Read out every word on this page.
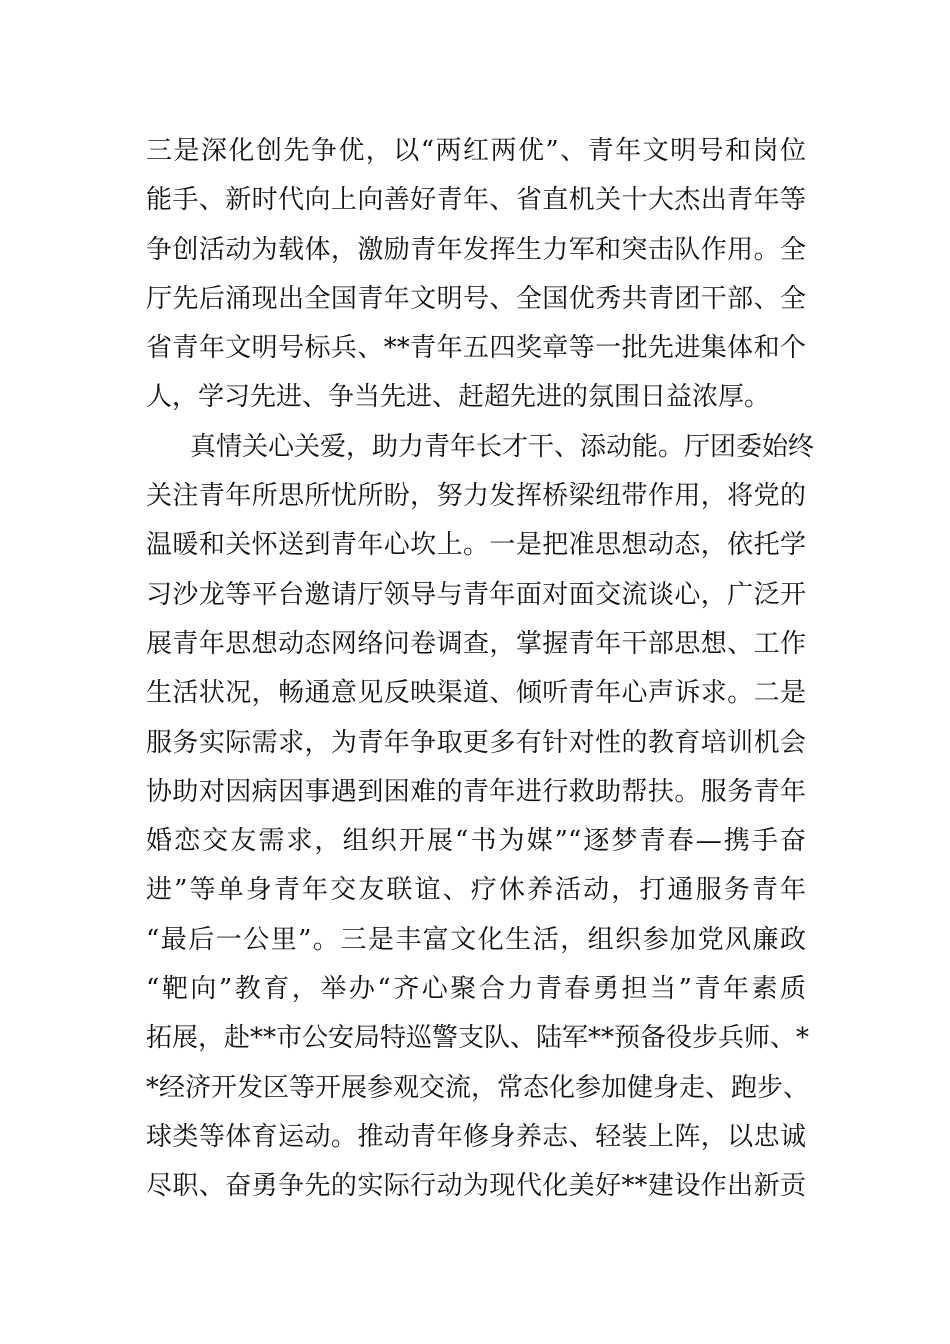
三是深化创先争优，以“两红两优”、青年文明号和岗位
能手、新时代向上向善好青年、省直机关十大杰出青年等
争创活动为载体，激励青年发挥生力军和突击队作用。全
厅先后涌现出全国青年文明号、全国优秀共青团干部、全
省青年文明号标兵、**青年五四奖章等一批先进集体和个
人，学习先进、争当先进、赶超先进的氛围日益浓厚。
真情关心关爱，助力青年长才干、添动能。厅团委始终
关注青年所思所忧所盼，努力发挥桥梁纽带作用，将党的
温暖和关怀送到青年心坎上。一是把准思想动态，依托学
习沙龙等平台邀请厅领导与青年面对面交流谈心，广泛开
展青年思想动态网络问卷调查，掌握青年干部思想、工作
生活状况，畅通意见反映渠道、倾听青年心声诉求。二是
服务实际需求，为青年争取更多有针对性的教育培训机会
协助对因病因事遇到困难的青年进行救助帮扶。服务青年
婚恋交友需求，组织开展“书为媒”“逐梦青春—携手奋
进”等单身青年交友联谊、疗休养活动，打通服务青年
“最后一公里”。三是丰富文化生活，组织参加党风廉政
“靶向”教育，举办“齐心聚合力青春勇担当”青年素质
拓展，赴**市公安局特巡警支队、陆军**预备役步兵师、*
*经济开发区等开展参观交流，常态化参加健身走、跑步、
球类等体育运动。推动青年修身养志、轻装上阵，以忠诚
尽职、奋勇争先的实际行动为现代化美好**建设作出新贡
